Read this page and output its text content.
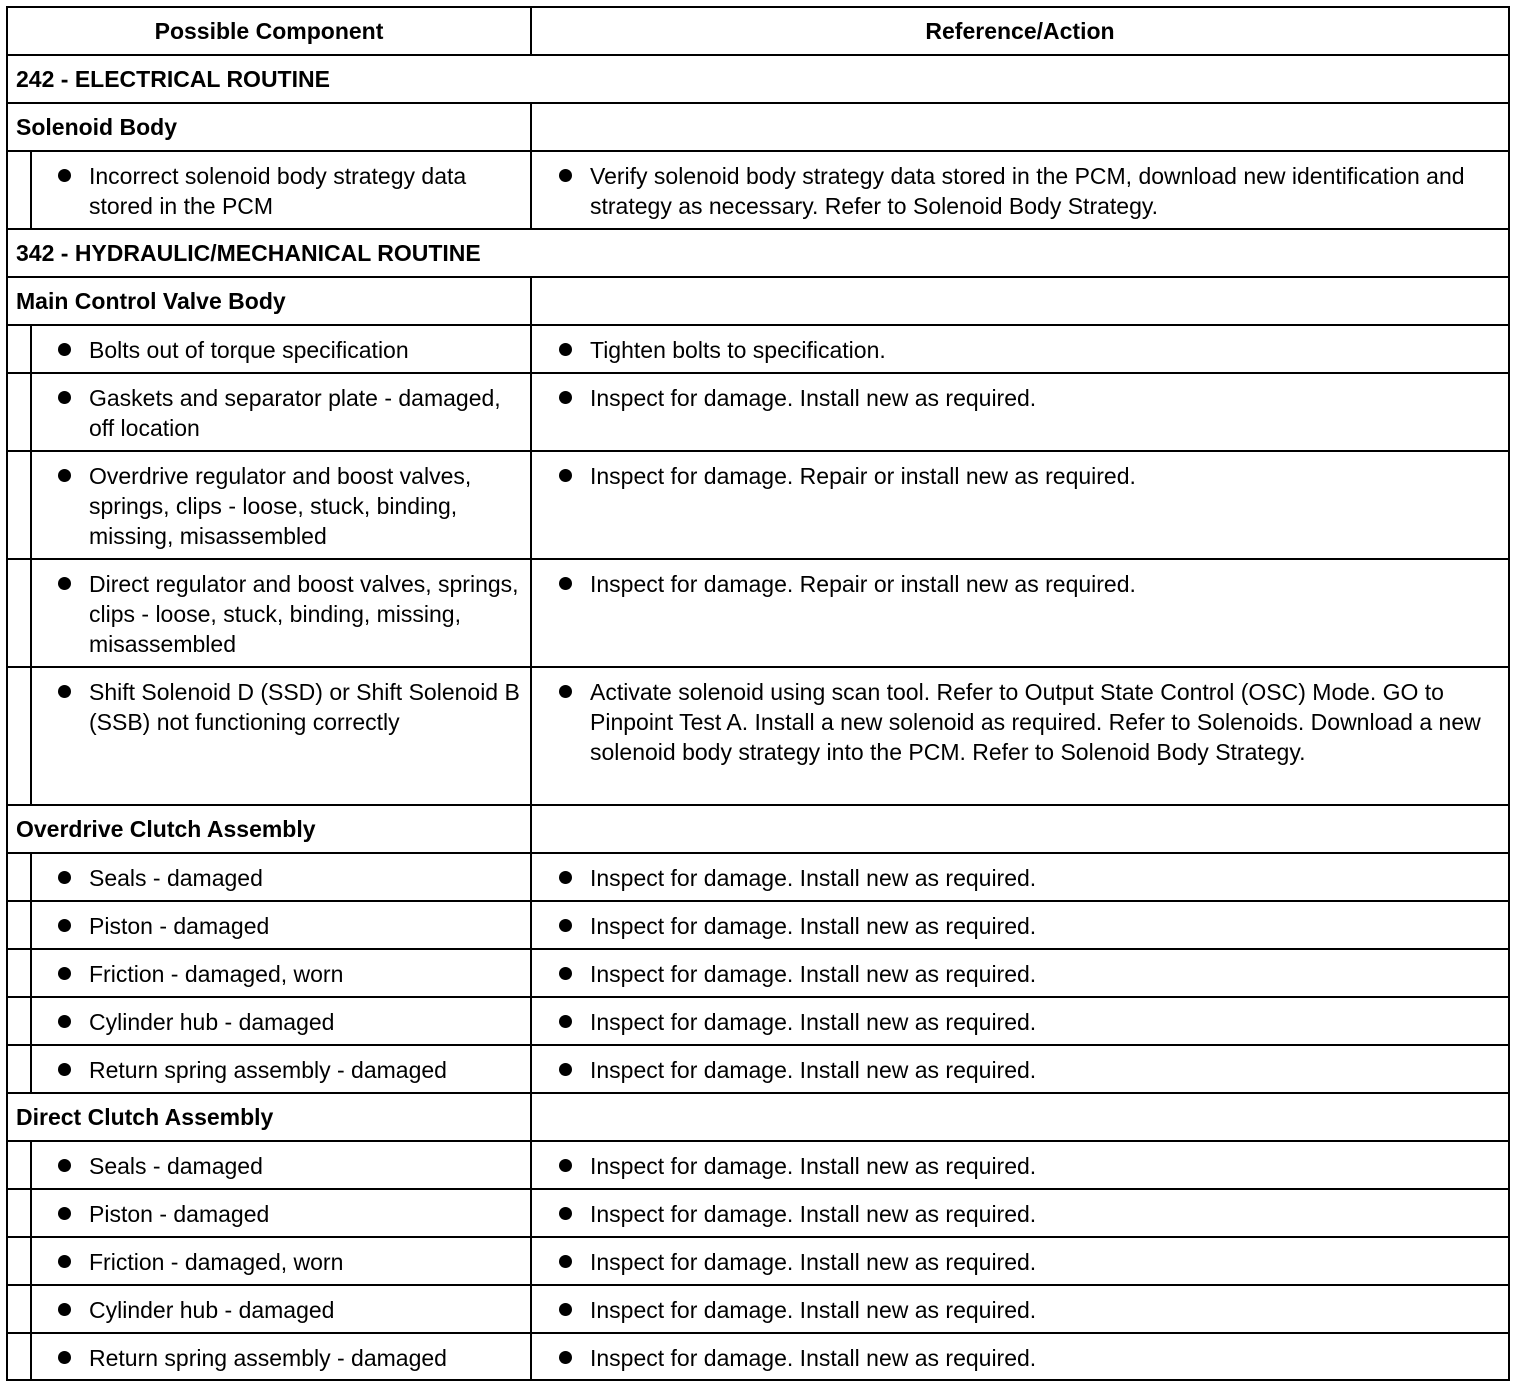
Possible Component		Reference/Action
242 - ELECTRICAL ROUTINE		
Solenoid Body		

	Incorrect solenoid body strategy data stored in the PCM	Verify solenoid body strategy data stored in the PCM, download new identification and strategy as necessary. Refer to Solenoid Body Strategy.

342 - HYDRAULIC/MECHANICAL ROUTINE		
Main Control Valve Body		

	Bolts out of torque specification	Tighten bolts to specification.

	Gaskets and separator plate - damaged, off location	Inspect for damage. Install new as required.

	Overdrive regulator and boost valves, springs, clips - loose, stuck, binding, missing, misassembled	Inspect for damage. Repair or install new as required.

	Direct regulator and boost valves, springs, clips - loose, stuck, binding, missing, misassembled	Inspect for damage. Repair or install new as required.

	Shift Solenoid D (SSD) or Shift Solenoid B (SSB) not functioning correctly	Activate solenoid using scan tool. Refer to Output State Control (OSC) Mode. GO to Pinpoint Test A. Install a new solenoid as required. Refer to Solenoids. Download a new solenoid body strategy into the PCM. Refer to Solenoid Body Strategy.

Overdrive Clutch Assembly		

	Seals - damaged	Inspect for damage. Install new as required.

	Piston - damaged	Inspect for damage. Install new as required.

	Friction - damaged, worn	Inspect for damage. Install new as required.

	Cylinder hub - damaged	Inspect for damage. Install new as required.

	Return spring assembly - damaged	Inspect for damage. Install new as required.

Direct Clutch Assembly		

	Seals - damaged	Inspect for damage. Install new as required.

	Piston - damaged	Inspect for damage. Install new as required.

	Friction - damaged, worn	Inspect for damage. Install new as required.

	Cylinder hub - damaged	Inspect for damage. Install new as required.

	Return spring assembly - damaged	Inspect for damage. Install new as required.
